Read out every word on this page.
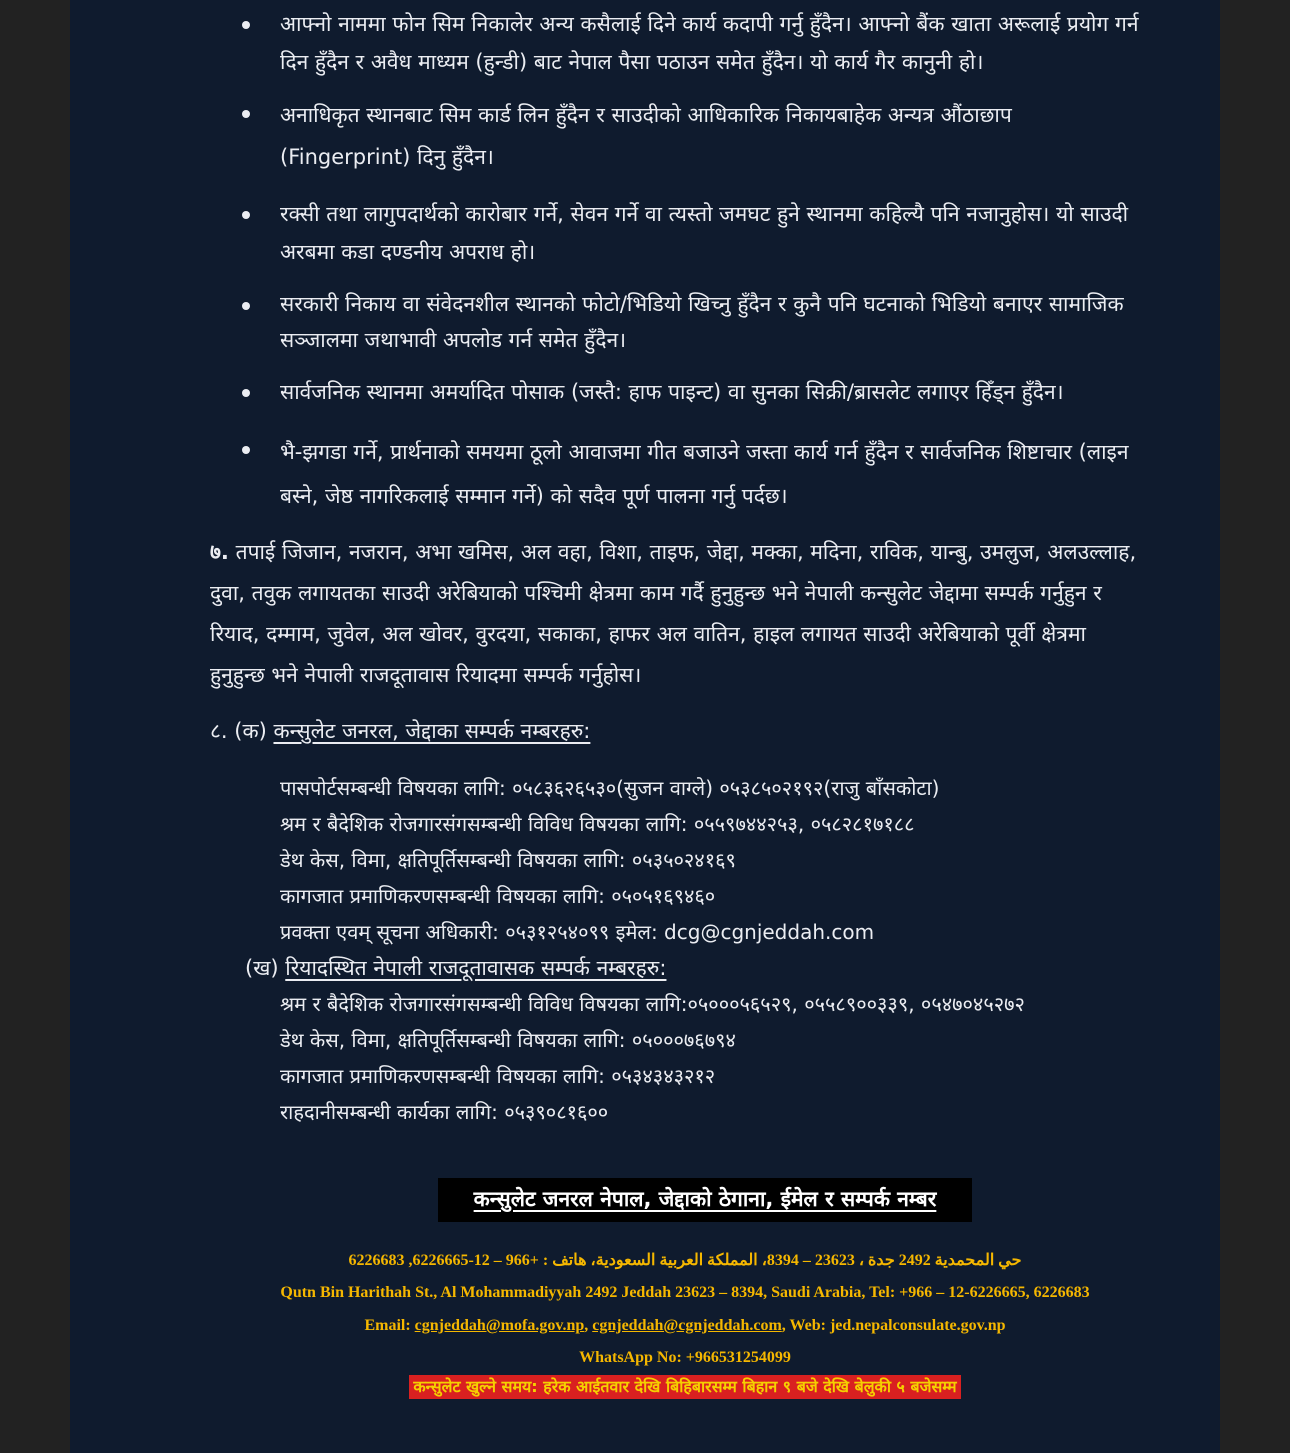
आफ्नो नाममा फोन सिम निकालेर अन्य कसैलाई दिने कार्य कदापी गर्नु हुँदैन। आफ्नो बैंक खाता अरूलाई प्रयोग गर्न
दिन हुँदैन र अवैध माध्यम (हुन्डी) बाट नेपाल पैसा पठाउन समेत हुँदैन। यो कार्य गैर कानुनी हो।
अनाधिकृत स्थानबाट सिम कार्ड लिन हुँदैन र साउदीको आधिकारिक निकायबाहेक अन्यत्र औंठाछाप
(Fingerprint) दिनु हुँदैन।
रक्सी तथा लागुपदार्थको कारोबार गर्ने, सेवन गर्ने वा त्यस्तो जमघट हुने स्थानमा कहिल्यै पनि नजानुहोस। यो साउदी
अरबमा कडा दण्डनीय अपराध हो।
सरकारी निकाय वा संवेदनशील स्थानको फोटो/भिडियो खिच्नु हुँदैन र कुनै पनि घटनाको भिडियो बनाएर सामाजिक
सञ्जालमा जथाभावी अपलोड गर्न समेत हुँदैन।
सार्वजनिक स्थानमा अमर्यादित पोसाक (जस्तै: हाफ पाइन्ट) वा सुनका सिक्री/ब्रासलेट लगाएर हिँड्न हुँदैन।
भै-झगडा गर्ने, प्रार्थनाको समयमा ठूलो आवाजमा गीत बजाउने जस्ता कार्य गर्न हुँदैन र सार्वजनिक शिष्टाचार (लाइन
बस्ने, जेष्ठ नागरिकलाई सम्मान गर्ने) को सदैव पूर्ण पालना गर्नु पर्दछ।
७. तपाई जिजान, नजरान, अभा खमिस, अल वहा, विशा, ताइफ, जेद्दा, मक्का, मदिना, राविक, यान्बु, उमलुज, अलउल्लाह,
दुवा, तवुक लगायतका साउदी अरेबियाको पश्चिमी क्षेत्रमा काम गर्दै हुनुहुन्छ भने नेपाली कन्सुलेट जेद्दामा सम्पर्क गर्नुहुन र
रियाद, दम्माम, जुवेल, अल खोवर, वुरदया, सकाका, हाफर अल वातिन, हाइल लगायत साउदी अरेबियाको पूर्वी क्षेत्रमा
हुनुहुन्छ भने नेपाली राजदूतावास रियादमा सम्पर्क गर्नुहोस।
८. (क) कन्सुलेट जनरल, जेद्दाका सम्पर्क नम्बरहरु:
पासपोर्टसम्बन्धी विषयका लागि: ०५८३६२६५३०(सुजन वाग्ले) ०५३८५०२१९२(राजु बाँसकोटा)
श्रम र बैदेशिक रोजगारसंगसम्बन्धी विविध विषयका लागि: ०५५९७४४२५३, ०५८२८१७१८८
डेथ केस, विमा, क्षतिपूर्तिसम्बन्धी विषयका लागि: ०५३५०२४१६९
कागजात प्रमाणिकरणसम्बन्धी विषयका लागि: ०५०५१६९४६०
प्रवक्ता एवम् सूचना अधिकारी: ०५३१२५४०९९ इमेल: dcg@cgnjeddah.com
(ख) रियादस्थित नेपाली राजदूतावासक सम्पर्क नम्बरहरु:
श्रम र बैदेशिक रोजगारसंगसम्बन्धी विविध विषयका लागि:०५०००५६५२९, ०५५८९००३३९, ०५४७०४५२७२
डेथ केस, विमा, क्षतिपूर्तिसम्बन्धी विषयका लागि: ०५०००७६७९४
कागजात प्रमाणिकरणसम्बन्धी विषयका लागि: ०५३४३४३२१२
राहदानीसम्बन्धी कार्यका लागि: ०५३९०८१६००
कन्सुलेट जनरल नेपाल, जेद्दाको ठेगाना, ईमेल र सम्पर्क नम्बर
حي المحمدية 2492 جدة ، 23623 – 8394، المملكة العربية السعودية، هاتف : +966 – 12-6226665, 6226683
Qutn Bin Harithah St., Al Mohammadiyyah 2492 Jeddah 23623 – 8394, Saudi Arabia, Tel: +966 – 12-6226665, 6226683
Email: cgnjeddah@mofa.gov.np, cgnjeddah@cgnjeddah.com, Web: jed.nepalconsulate.gov.np
WhatsApp No: +966531254099
कन्सुलेट खुल्ने समय: हरेक आईतवार देखि बिहिबारसम्म बिहान ९ बजे देखि बेलुकी ५ बजेसम्म
